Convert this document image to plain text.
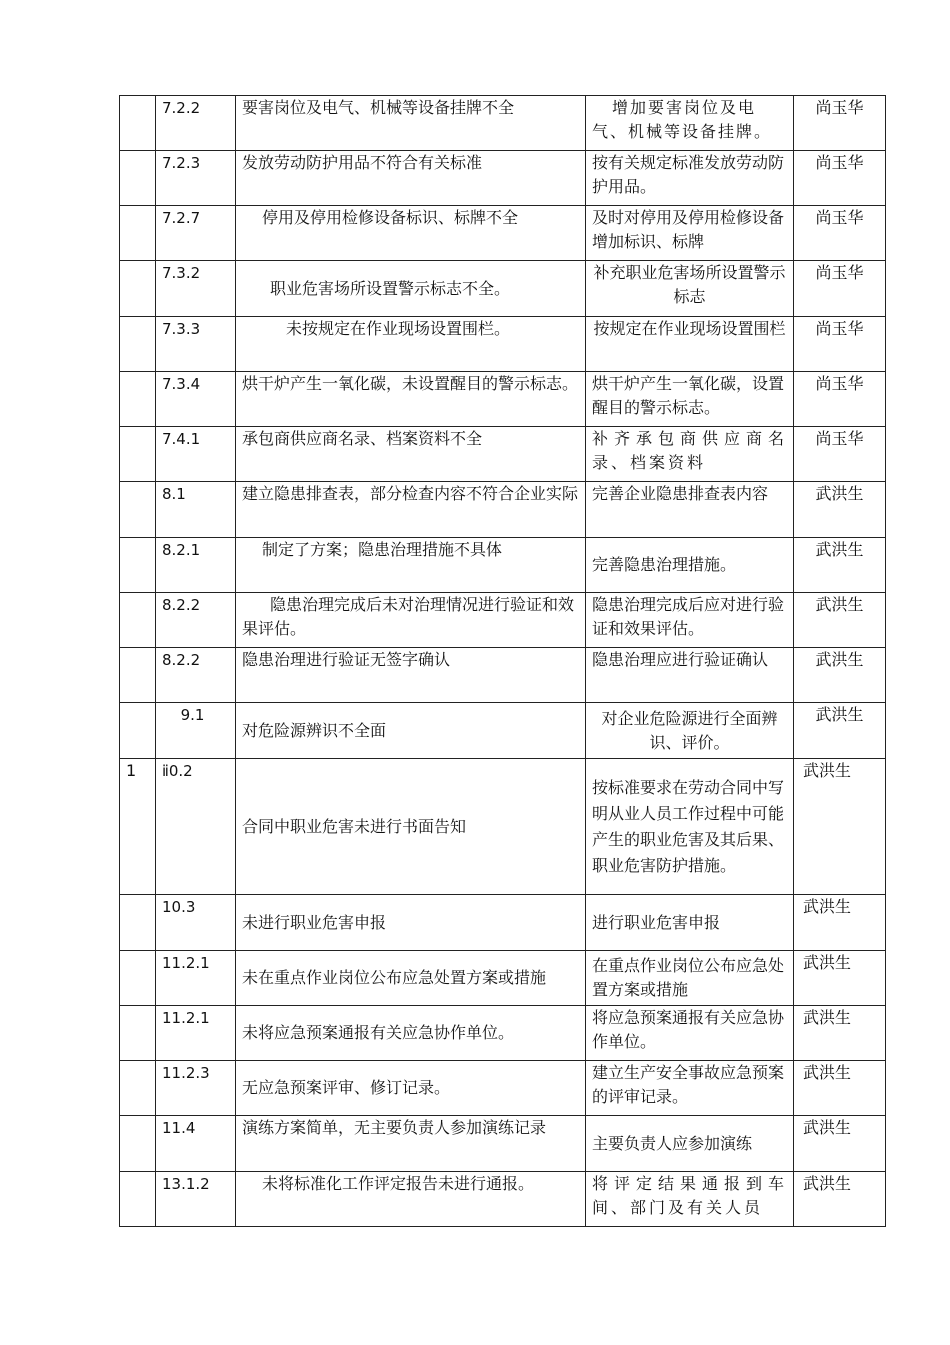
	7.2.2	要害岗位及电气、机械等设备挂牌不全	增加要害岗位及电气、机械等设备挂牌。	尚玉华
	7.2.3	发放劳动防护用品不符合有关标准	按有关规定标准发放劳动防护用品。	尚玉华
	7.2.7	停用及停用检修设备标识、标牌不全	及时对停用及停用检修设备增加标识、标牌	尚玉华
	7.3.2	职业危害场所设置警示标志不全。	补充职业危害场所设置警示标志	尚玉华
	7.3.3	未按规定在作业现场设置围栏。	按规定在作业现场设置围栏	尚玉华
	7.3.4	烘干炉产生一氧化碳，未设置醒目的警示标志。	烘干炉产生一氧化碳，设置醒目的警示标志。	尚玉华
	7.4.1	承包商供应商名录、档案资料不全	补齐承包商供应商名录、档案资料	尚玉华
	8.1	建立隐患排查表，部分检查内容不符合企业实际	完善企业隐患排查表内容	武洪生
	8.2.1	制定了方案；隐患治理措施不具体	完善隐患治理措施。	武洪生
	8.2.2	隐患治理完成后未对治理情况进行验证和效果评估。	隐患治理完成后应对进行验证和效果评估。	武洪生
	8.2.2	隐患治理进行验证无签字确认	隐患治理应进行验证确认	武洪生
	9.1	对危险源辨识不全面	对企业危险源进行全面辨识、评价。	武洪生
1	ⅱ0.2	合同中职业危害未进行书面告知	按标准要求在劳动合同中写明从业人员工作过程中可能产生的职业危害及其后果、职业危害防护措施。	武洪生
	10.3	未进行职业危害申报	进行职业危害申报	武洪生
	11.2.1	未在重点作业岗位公布应急处置方案或措施	在重点作业岗位公布应急处置方案或措施	武洪生
	11.2.1	未将应急预案通报有关应急协作单位。	将应急预案通报有关应急协作单位。	武洪生
	11.2.3	无应急预案评审、修订记录。	建立生产安全事故应急预案的评审记录。	武洪生
	11.4	演练方案简单，无主要负责人参加演练记录	主要负责人应参加演练	武洪生
	13.1.2	未将标准化工作评定报告未进行通报。	将评定结果通报到车间、部门及有关人员	武洪生
